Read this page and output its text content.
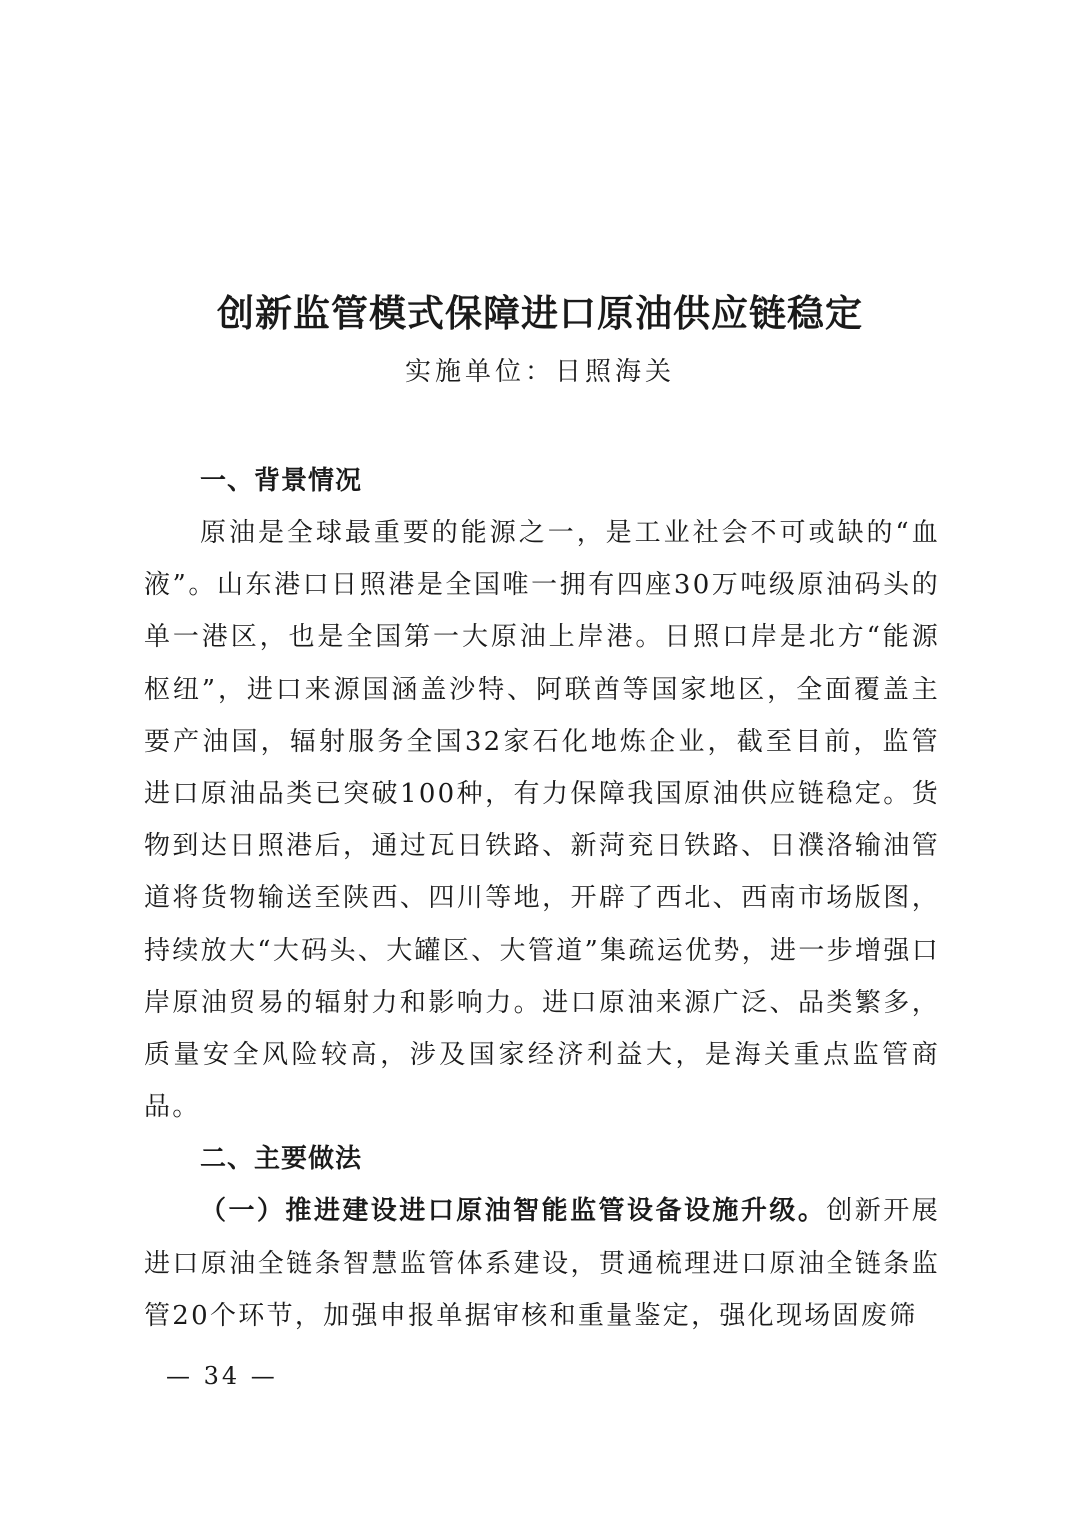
创新监管模式保障进口原油供应链稳定

实施单位：日照海关

一、背景情况

原油是全球最重要的能源之一，是工业社会不可或缺的“血液”。山东港口日照港是全国唯一拥有四座30万吨级原油码头的单一港区，也是全国第一大原油上岸港。日照口岸是北方“能源枢纽”，进口来源国涵盖沙特、阿联酋等国家地区，全面覆盖主要产油国，辐射服务全国32家石化地炼企业，截至目前，监管进口原油品类已突破100种，有力保障我国原油供应链稳定。货物到达日照港后，通过瓦日铁路、新菏兖日铁路、日濮洛输油管道将货物输送至陕西、四川等地，开辟了西北、西南市场版图，持续放大“大码头、大罐区、大管道”集疏运优势，进一步增强口岸原油贸易的辐射力和影响力。进口原油来源广泛、品类繁多，质量安全风险较高，涉及国家经济利益大，是海关重点监管商品。

二、主要做法

（一）推进建设进口原油智能监管设备设施升级。创新开展进口原油全链条智慧监管体系建设，贯通梳理进口原油全链条监管20个环节，加强申报单据审核和重量鉴定，强化现场固废筛

— 34 —
